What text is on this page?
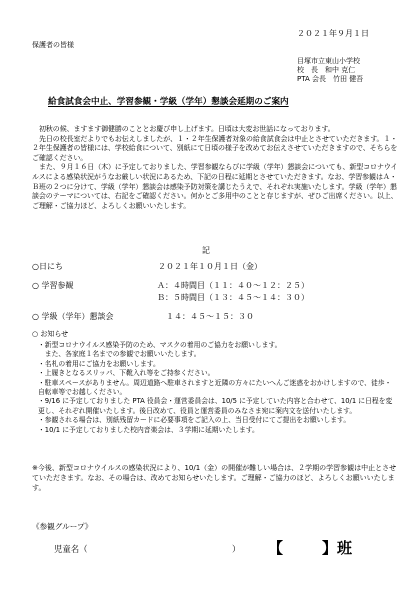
２０２１年９月１日
保護者の皆様
目塚市立東山小学校
校　長　和中 克仁
PTA 会長　竹田 健吾
給食試食会中止、学習参観・学級（学年）懇談会延期のご案内

初秋の候、ますます御健勝のこととお慶び申し上げます。日頃は大変お世話になっております。

先日の校長室だよりでもお伝えしましたが、１・２年生保護者対象の給食試食会は中止とさせていただきます。１・２年生保護者の皆様には、学校給食について、別紙にて日頃の様子を改めてお伝えさせていただきますので、そちらをご確認ください。

また、９月１６日（木）に予定しておりました、学習参観ならびに学級（学年）懇談会についても、新型コロナウイルスによる感染状況がうなお厳しい状況にあるため、下記の日程に延期とさせていただきます。なお、学習参観はＡ・Ｂ班の２つに分けて、学級（学年）懇談会は感染予防対策を講じたうえで、それぞれ実施いたします。学級（学年）懇談会のテーマについては、右記をご確認ください。何かとご多用中のことと存じますが、ぜひご出席ください。以上、ご理解・ご協力ほど、よろしくお願いいたします。

記
○日にち	２０２１年１０月１日（金）
○ 学習参観	Ａ：４時間目（１１：４０～１２：２５）
Ｂ：５時間目（１３：４５～１４：３０）
○ 学級（学年）懇談会	１４：４５～１５：３０
○ お知らせ
・新型コロナウイルス感染予防のため、マスクの着用のご協力をお願いします。
　また、各家庭１名までの参観でお願いいたします。
・名札の着用にご協力をお願いします。
・上履きとなるスリッパ、下靴入れ等をご持参ください。
・駐車スペースがありません。周辺道路へ駐車されますと近隣の方々にたいへんご迷惑をおかけしますので、徒歩・自転車等でお越しください。
・9/16 に予定しておりました PTA 役員会・運営委員会は、10/5 に予定していた内容と合わせて、10/1 に日程を変更し、それぞれ開催いたします。後日改めて、役員と運営委員のみなさま宛に案内文を送付いたします。
・参観される場合は、別紙残留カードに必要事項をご記入の上、当日受付にてご提出をお願いします。
・10/1 に予定しておりました校内音楽会は、３学期に延期いたします。

※今後、新型コロナウイルスの感染状況により、10/1（金）の開催が難しい場合は、２学期の学習参観は中止とさせていただきます。なお、その場合は、改めてお知らせいたします。ご理解・ご協力のほど、よろしくお願いいたします。

《参観グループ》
児童名（	） 【	】班
